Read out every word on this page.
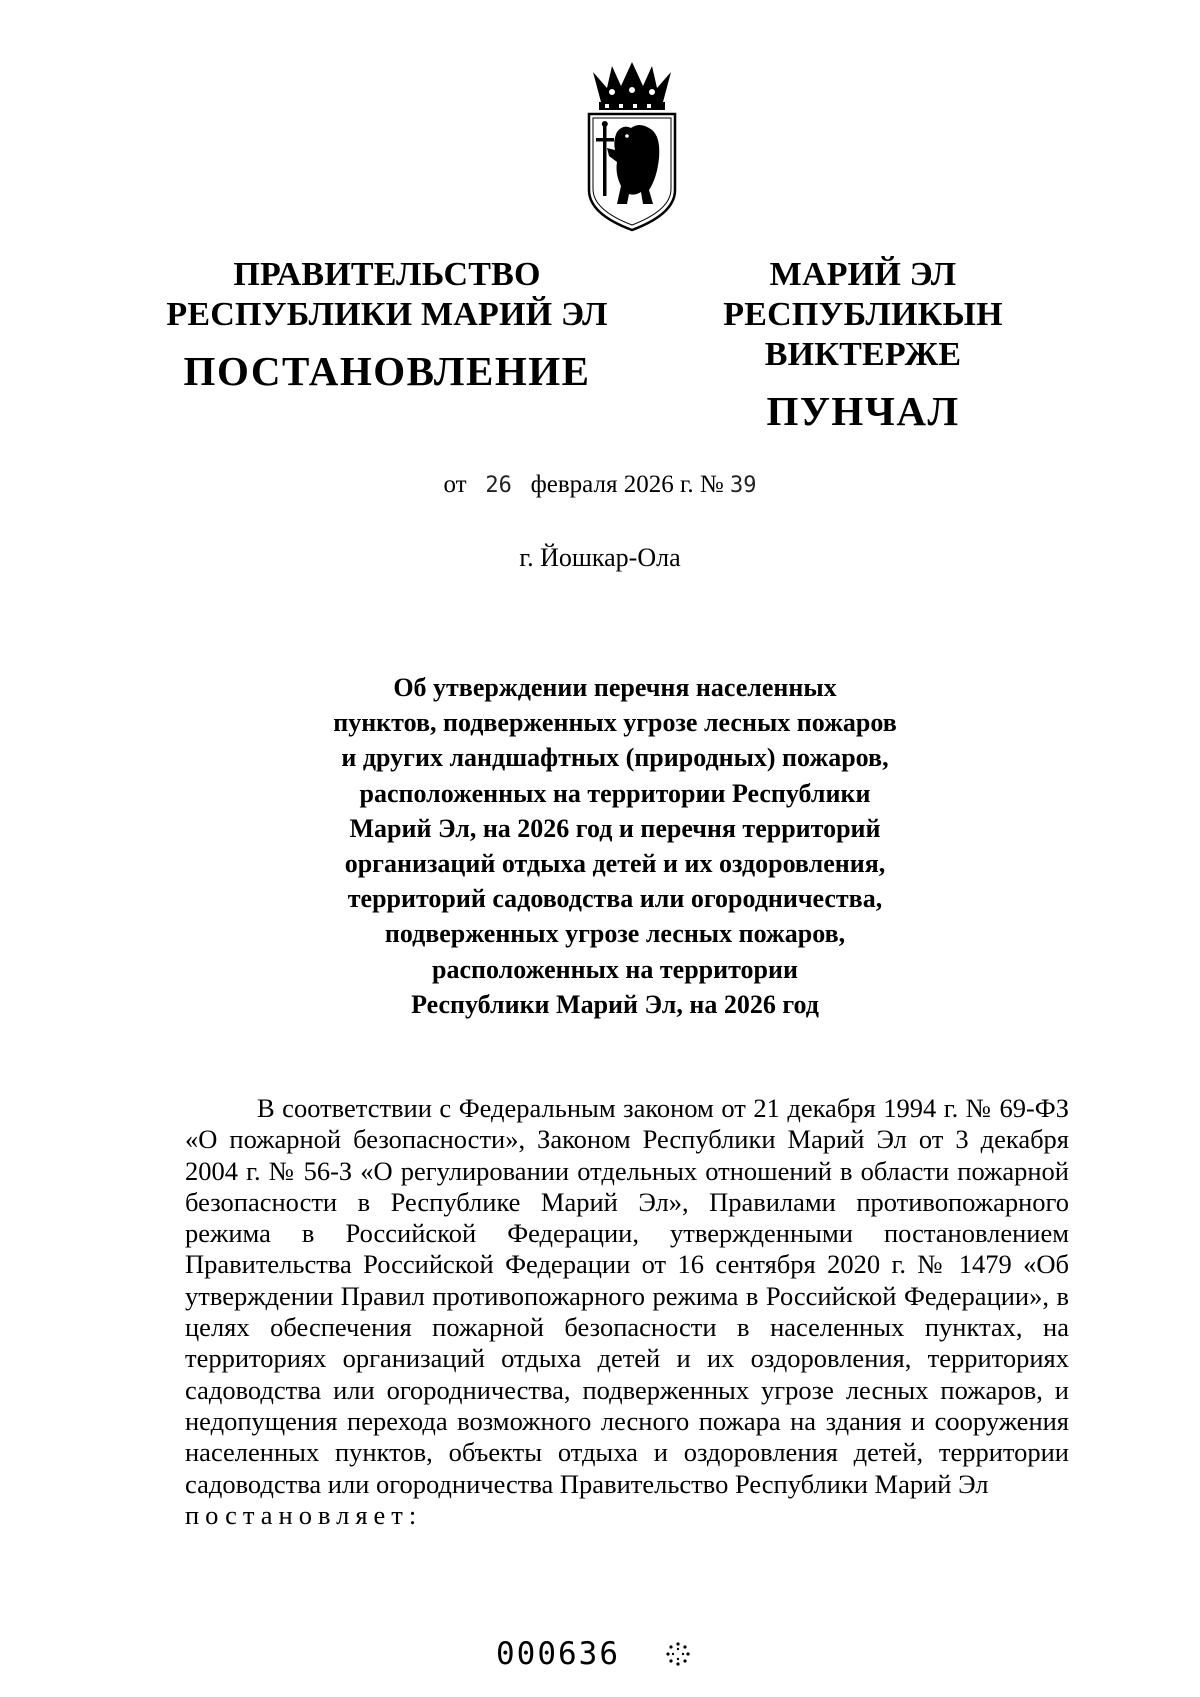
ПРАВИТЕЛЬСТВО
РЕСПУБЛИКИ МАРИЙ ЭЛ
ПОСТАНОВЛЕНИЕ
МАРИЙ ЭЛ РЕСПУБЛИКЫН
ВИКТЕРЖЕ
ПУНЧАЛ
от 26 февраля 2026 г. № 39
г. Йошкар-Ола
Об утверждении перечня населенных
пунктов, подверженных угрозе лесных пожаров
и других ландшафтных (природных) пожаров,
расположенных на территории Республики
Марий Эл, на 2026 год и перечня территорий
организаций отдыха детей и их оздоровления,
территорий садоводства или огородничества,
подверженных угрозе лесных пожаров,
расположенных на территории
Республики Марий Эл, на 2026 год

В соответствии с Федеральным законом от 21 декабря 1994 г. № 69-ФЗ «О пожарной безопасности», Законом Республики Марий Эл от 3 декабря 2004 г. № 56-З «О регулировании отдельных отношений в области пожарной безопасности в Республике Марий Эл», Правилами противопожарного режима в Российской Федерации, утвержденными постановлением Правительства Российской Федерации от 16 сентября 2020 г. № 1479 «Об утверждении Правил противопожарного режима в Российской Федерации», в целях обеспечения пожарной безопасности в населенных пунктах, на территориях организаций отдыха детей и их оздоровления, территориях садоводства или огородничества, подверженных угрозе лесных пожаров, и недопущения перехода возможного лесного пожара на здания и сооружения населенных пунктов, объекты отдыха и оздоровления детей, территории садоводства или огородничества Правительство Республики Марий Эл

постановляет:

000636
